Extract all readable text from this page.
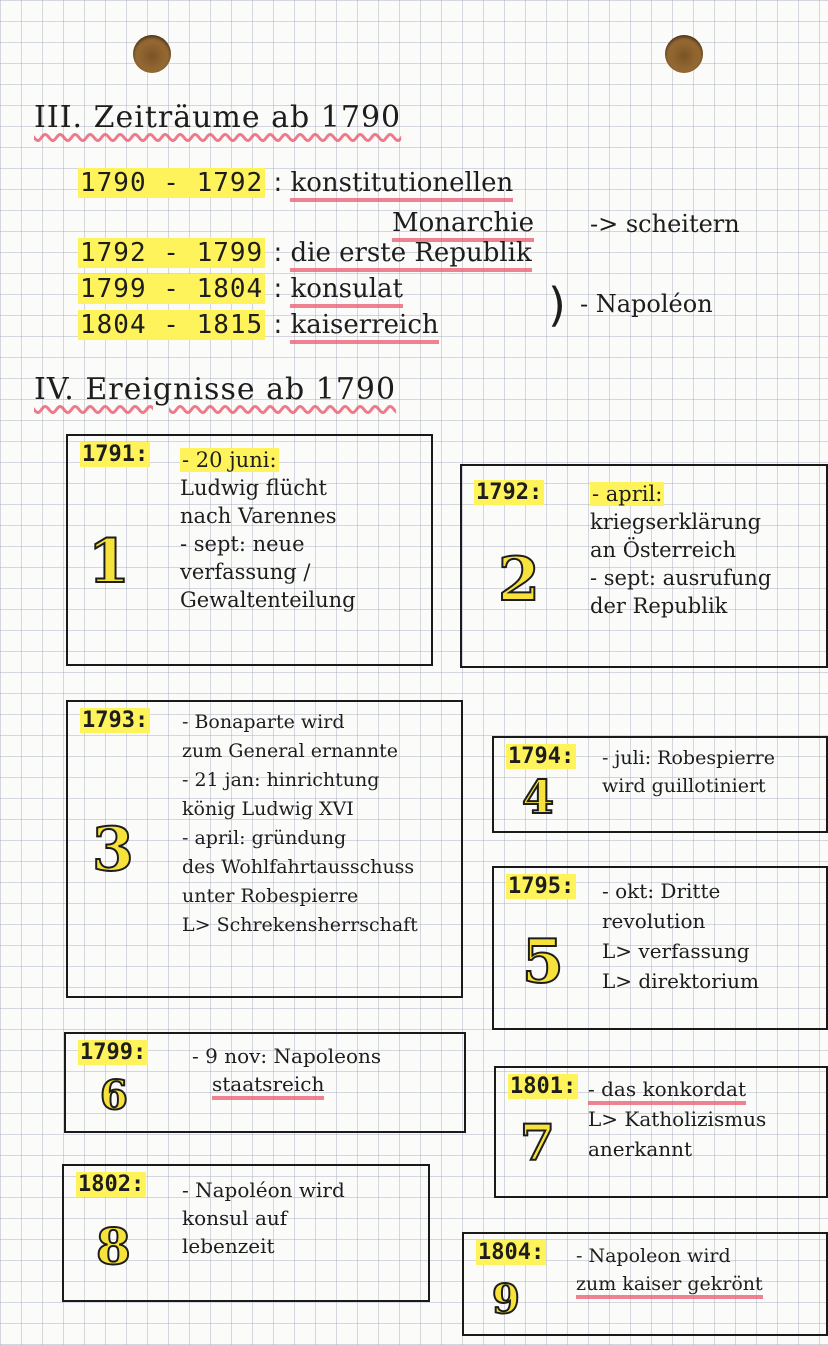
III. Zeiträume ab 1790
1790 - 1792 : konstitutionellen
Monarchie -> scheitern
1792 - 1799 : die erste Republik
1799 - 1804 : konsulat
1804 - 1815 : kaiserreich ) - Napoléon
IV. Ereignisse ab 1790
1791:
1
- 20 juni:
Ludwig flücht
nach Varennes
- sept: neue
verfassung /
Gewaltenteilung
1792:
2
- april:
kriegserklärung
an Österreich
- sept: ausrufung
der Republik
1793:
3
- Bonaparte wird
zum General ernannte
- 21 jan: hinrichtung
könig Ludwig XVI
- april: gründung
des Wohlfahrtausschuss
unter Robespierre
L> Schrekensherrschaft
1794:
4
- juli: Robespierre
wird guillotiniert
1795:
5
- okt: Dritte
revolution
L> verfassung
L> direktorium
1799:
6
- 9 nov: Napoleons
staatsreich	1801:
7
- das konkordat
L> Katholizismus
anerkannt
1802:
8
- Napoléon wird
konsul auf
lebenzeit	1804:
9
- Napoleon wird
zum kaiser gekrönt
